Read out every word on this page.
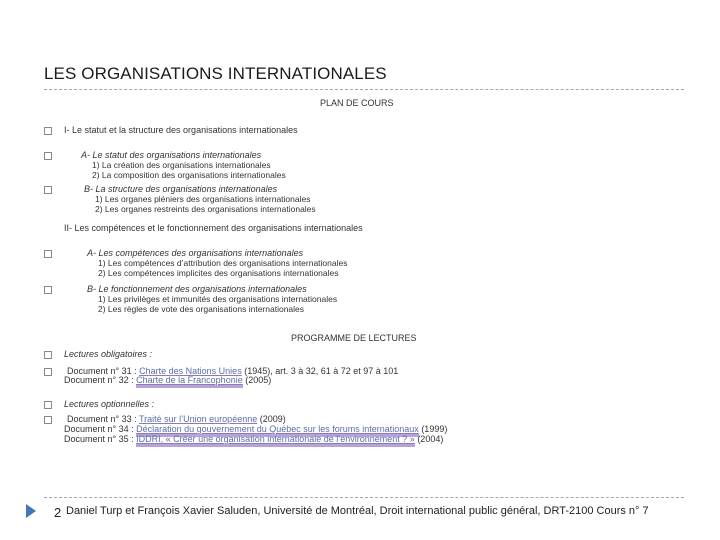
LES ORGANISATIONS INTERNATIONALES
PLAN DE COURS
I- Le statut et la structure des organisations internationales
A- Le statut des organisations internationales
1) La création des organisations internationales
2) La composition des organisations internationales
B- La structure des organisations internationales
1) Les organes pléniers des organisations internationales
2) Les organes restreints des organisations internationales
II- Les compétences et le fonctionnement des organisations internationales
A- Les compétences des organisations internationales
1) Les compétences d’attribution des organisations internationales
2) Les compétences implicites des organisations internationales
B- Le fonctionnement des organisations internationales
1) Les privilèges et immunités des organisations internationales
2) Les règles de vote des organisations internationales
PROGRAMME DE LECTURES
Lectures obligatoires :
Document n° 31 : Charte des Nations Unies (1945), art. 3 à 32, 61 à 72 et 97 à 101
Document n° 32 : Charte de la Francophonie (2005)
Lectures optionnelles :
Document n° 33 : Traité sur l’Union européenne (2009)
Document n° 34 : Déclaration du gouvernement du Québec sur les forums internationaux (1999)
Document n° 35 : IDDRI, « Créer une organisation internationale de l’environnement ? » (2004)
2 Daniel Turp et François Xavier Saluden, Université de Montréal, Droit international public général, DRT-2100 Cours n° 7
